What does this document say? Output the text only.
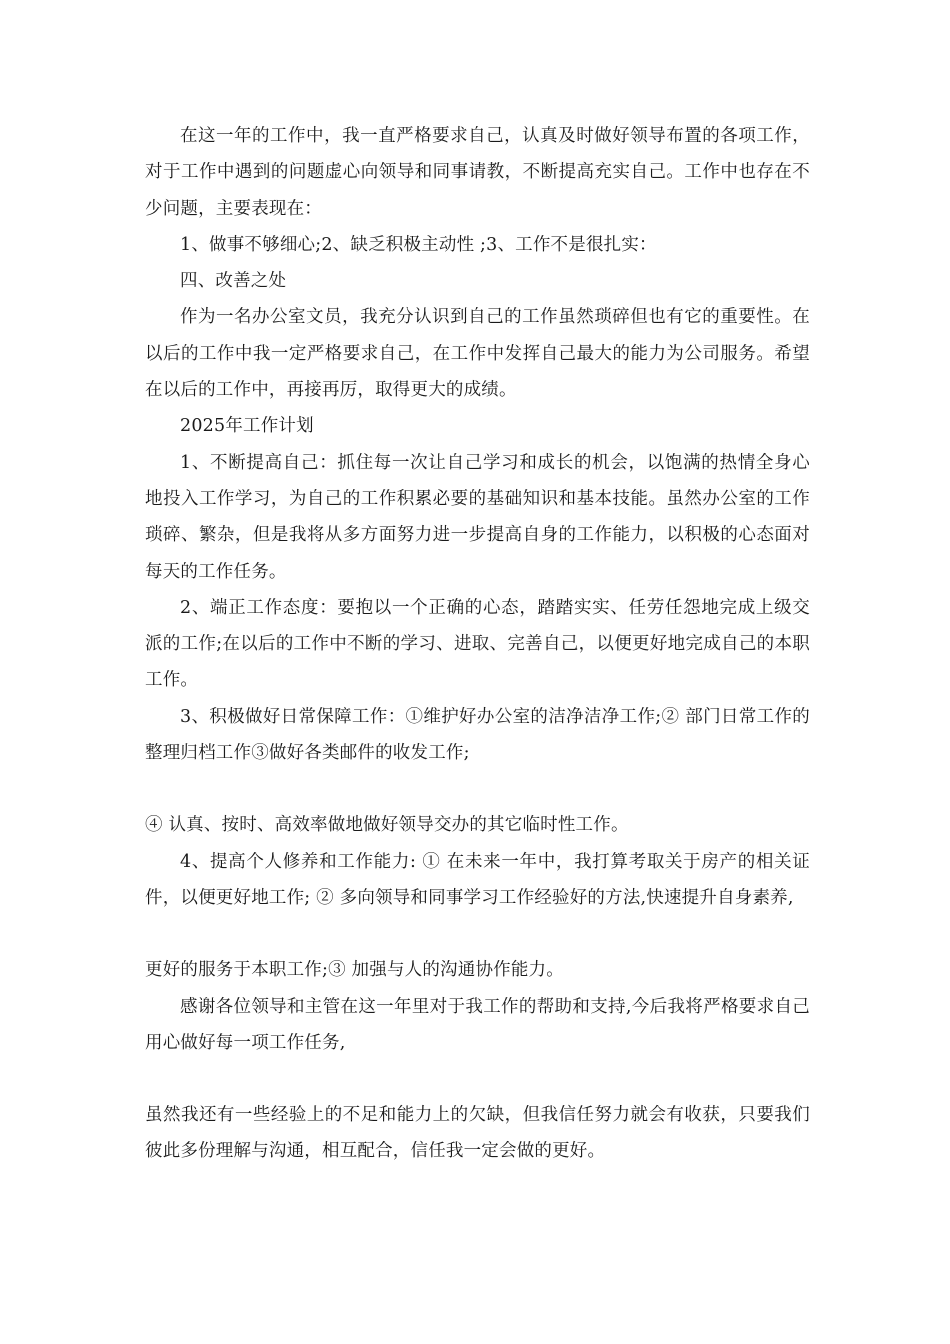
在这一年的工作中，我一直严格要求自己，认真及时做好领导布置的各项工作，对于工作中遇到的问题虚心向领导和同事请教，不断提高充实自己。工作中也存在不少问题，主要表现在：

1、做事不够细心;2、缺乏积极主动性 ;3、工作不是很扎实：

四、改善之处

作为一名办公室文员，我充分认识到自己的工作虽然琐碎但也有它的重要性。在以后的工作中我一定严格要求自己，在工作中发挥自己最大的能力为公司服务。希望在以后的工作中，再接再厉，取得更大的成绩。

2025年工作计划

1、不断提高自己：抓住每一次让自己学习和成长的机会，以饱满的热情全身心地投入工作学习，为自己的工作积累必要的基础知识和基本技能。虽然办公室的工作琐碎、繁杂，但是我将从多方面努力进一步提高自身的工作能力，以积极的心态面对每天的工作任务。

2、端正工作态度：要抱以一个正确的心态，踏踏实实、任劳任怨地完成上级交派的工作;在以后的工作中不断的学习、进取、完善自己，以便更好地完成自己的本职工作。

3、积极做好日常保障工作：①维护好办公室的洁净洁净工作;② 部门日常工作的整理归档工作③做好各类邮件的收发工作;

④ 认真、按时、高效率做地做好领导交办的其它临时性工作。

4、提高个人修养和工作能力: ① 在未来一年中，我打算考取关于房产的相关证件，以便更好地工作; ② 多向领导和同事学习工作经验好的方法,快速提升自身素养,

更好的服务于本职工作;③ 加强与人的沟通协作能力。

感谢各位领导和主管在这一年里对于我工作的帮助和支持,今后我将严格要求自己用心做好每一项工作任务,

虽然我还有一些经验上的不足和能力上的欠缺，但我信任努力就会有收获，只要我们彼此多份理解与沟通，相互配合，信任我一定会做的更好。
